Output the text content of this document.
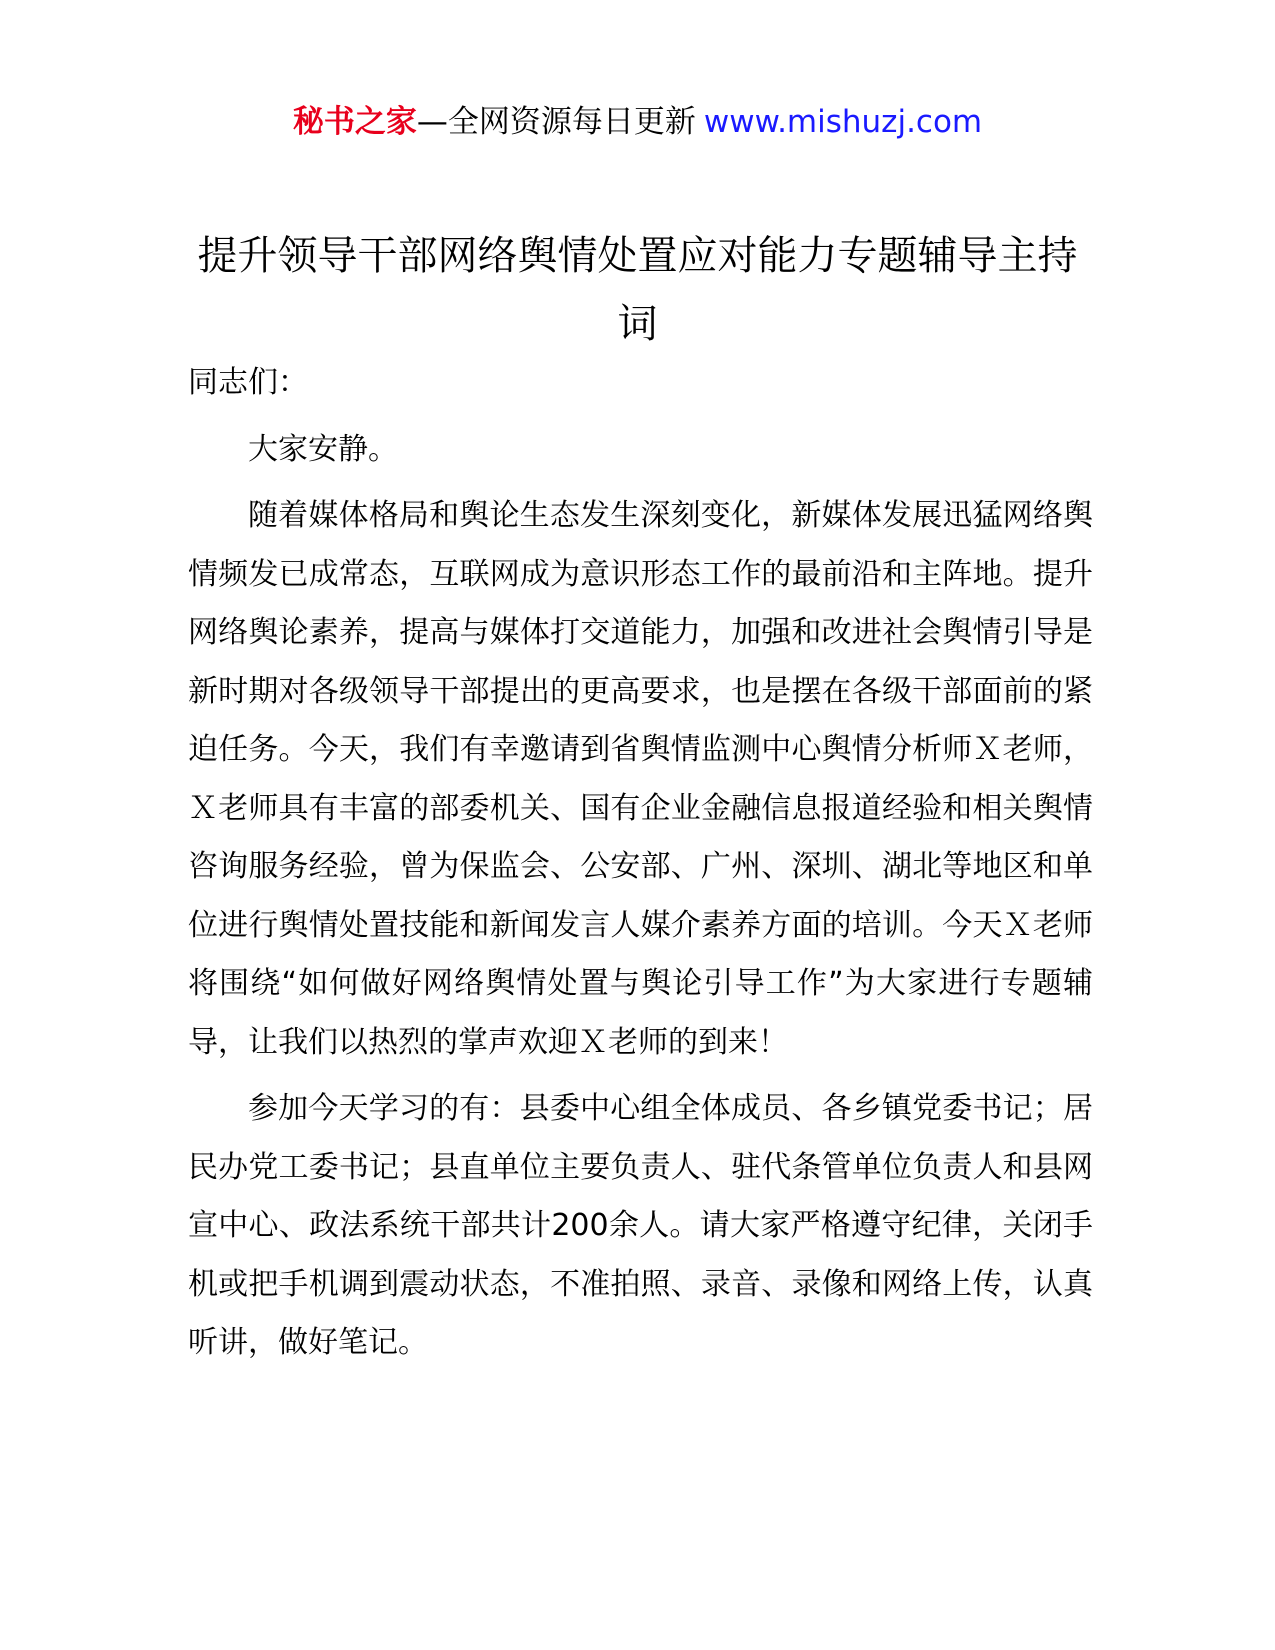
秘书之家—全网资源每日更新 www.mishuzj.com
提升领导干部网络舆情处置应对能力专题辅导主持词

同志们：

大家安静。

随着媒体格局和舆论生态发生深刻变化，新媒体发展迅猛网络舆情频发已成常态，互联网成为意识形态工作的最前沿和主阵地。提升网络舆论素养，提高与媒体打交道能力，加强和改进社会舆情引导是新时期对各级领导干部提出的更高要求，也是摆在各级干部面前的紧迫任务。今天，我们有幸邀请到省舆情监测中心舆情分析师Ｘ老师，Ｘ老师具有丰富的部委机关、国有企业金融信息报道经验和相关舆情咨询服务经验，曾为保监会、公安部、广州、深圳、湖北等地区和单位进行舆情处置技能和新闻发言人媒介素养方面的培训。今天Ｘ老师将围绕“如何做好网络舆情处置与舆论引导工作”为大家进行专题辅导，让我们以热烈的掌声欢迎Ｘ老师的到来！

参加今天学习的有：县委中心组全体成员、各乡镇党委书记；居民办党工委书记；县直单位主要负责人、驻代条管单位负责人和县网宣中心、政法系统干部共计200余人。请大家严格遵守纪律，关闭手机或把手机调到震动状态，不准拍照、录音、录像和网络上传，认真听讲，做好笔记。
